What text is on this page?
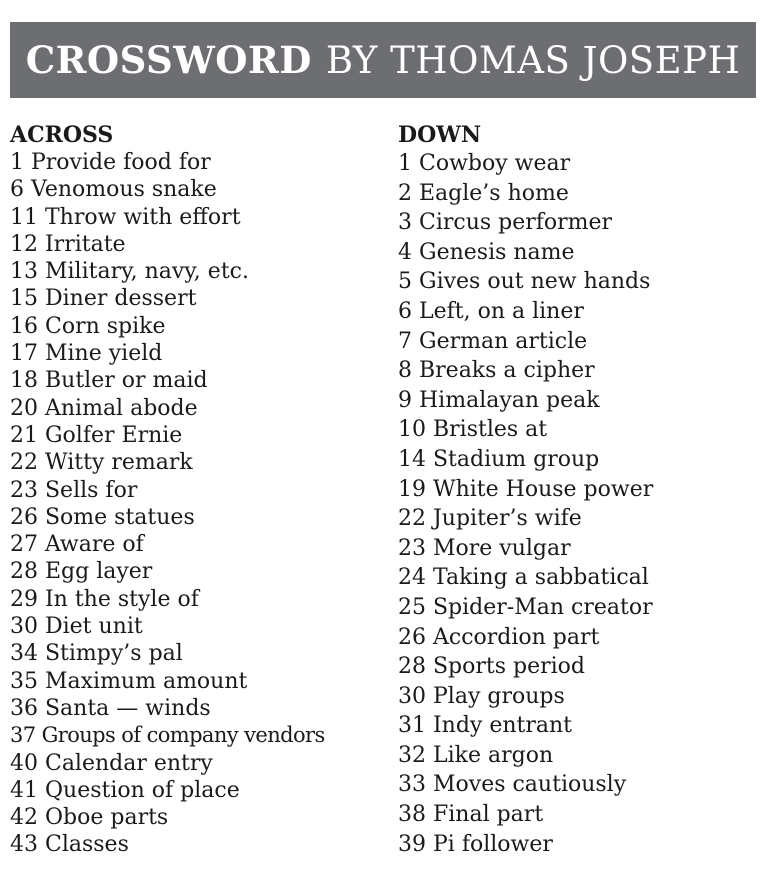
CROSSWORD BY THOMAS JOSEPH
ACROSS
1 Provide food for
6 Venomous snake
11 Throw with effort
12 Irritate
13 Military, navy, etc.
15 Diner dessert
16 Corn spike
17 Mine yield
18 Butler or maid
20 Animal abode
21 Golfer Ernie
22 Witty remark
23 Sells for
26 Some statues
27 Aware of
28 Egg layer
29 In the style of
30 Diet unit
34 Stimpy’s pal
35 Maximum amount
36 Santa — winds
37 Groups of company vendors
40 Calendar entry
41 Question of place
42 Oboe parts
43 Classes
DOWN
1 Cowboy wear
2 Eagle’s home
3 Circus performer
4 Genesis name
5 Gives out new hands
6 Left, on a liner
7 German article
8 Breaks a cipher
9 Himalayan peak
10 Bristles at
14 Stadium group
19 White House power
22 Jupiter’s wife
23 More vulgar
24 Taking a sabbatical
25 Spider-Man creator
26 Accordion part
28 Sports period
30 Play groups
31 Indy entrant
32 Like argon
33 Moves cautiously
38 Final part
39 Pi follower
